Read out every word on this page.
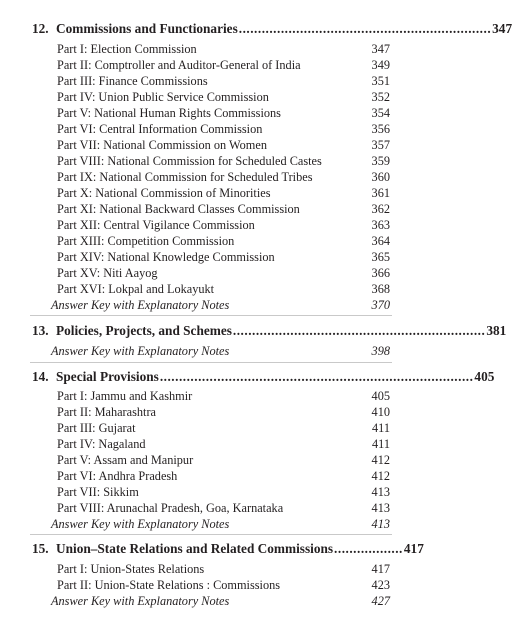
12. Commissions and Functionaries .................................................................. 347
Part I: Election Commission	347
Part II: Comptroller and Auditor-General of India	349
Part III: Finance Commissions	351
Part IV: Union Public Service Commission	352
Part V: National Human Rights Commissions	354
Part VI: Central Information Commission	356
Part VII: National Commission on Women	357
Part VIII: National Commission for Scheduled Castes	359
Part IX: National Commission for Scheduled Tribes	360
Part X: National Commission of Minorities	361
Part XI: National Backward Classes Commission	362
Part XII: Central Vigilance Commission	363
Part XIII: Competition Commission	364
Part XIV: National Knowledge Commission	365
Part XV: Niti Aayog	366
Part XVI: Lokpal and Lokayukt	368
Answer Key with Explanatory Notes	370
13. Policies, Projects, and Schemes .................................................................. 381
Answer Key with Explanatory Notes	398
14. Special Provisions .................................................................................. 405
Part I: Jammu and Kashmir	405
Part II: Maharashtra	410
Part III: Gujarat	411
Part IV: Nagaland	411
Part V: Assam and Manipur	412
Part VI: Andhra Pradesh	412
Part VII: Sikkim	413
Part VIII: Arunachal Pradesh, Goa, Karnataka	413
Answer Key with Explanatory Notes	413
15. Union–State Relations and Related Commissions .................. 417
Part I: Union-States Relations	417
Part II: Union-State Relations : Commissions	423
Answer Key with Explanatory Notes	427
